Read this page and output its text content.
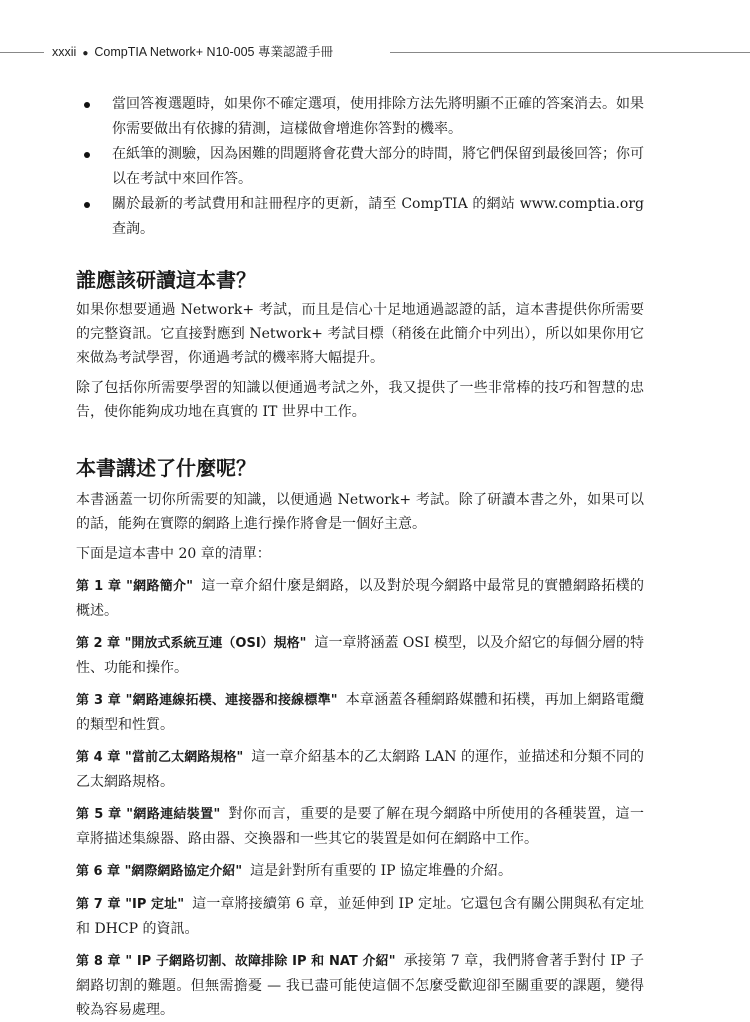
xxxii ● CompTIA Network+ N10-005 專業認證手冊
當回答複選題時，如果你不確定選項，使用排除方法先將明顯不正確的答案消去。如果你需要做出有依據的猜測，這樣做會增進你答對的機率。
在紙筆的測驗，因為困難的問題將會花費大部分的時間，將它們保留到最後回答；你可以在考試中來回作答。
關於最新的考試費用和註冊程序的更新，請至 CompTIA 的網站 www.comptia.org 查詢。
誰應該研讀這本書？

如果你想要通過 Network+ 考試，而且是信心十足地通過認證的話，這本書提供你所需要的完整資訊。它直接對應到 Network+ 考試目標（稍後在此簡介中列出），所以如果你用它來做為考試學習，你通過考試的機率將大幅提升。

除了包括你所需要學習的知識以便通過考試之外，我又提供了一些非常棒的技巧和智慧的忠告，使你能夠成功地在真實的 IT 世界中工作。

本書講述了什麼呢？

本書涵蓋一切你所需要的知識，以便通過 Network+ 考試。除了研讀本書之外，如果可以的話，能夠在實際的網路上進行操作將會是一個好主意。

下面是這本書中 20 章的清單：

第 1 章 "網路簡介" 這一章介紹什麼是網路，以及對於現今網路中最常見的實體網路拓樸的概述。
第 2 章 "開放式系統互連（OSI）規格" 這一章將涵蓋 OSI 模型，以及介紹它的每個分層的特性、功能和操作。
第 3 章 "網路連線拓樸、連接器和接線標準" 本章涵蓋各種網路媒體和拓樸，再加上網路電纜的類型和性質。
第 4 章 "當前乙太網路規格" 這一章介紹基本的乙太網路 LAN 的運作，並描述和分類不同的乙太網路規格。
第 5 章 "網路連結裝置" 對你而言，重要的是要了解在現今網路中所使用的各種裝置，這一章將描述集線器、路由器、交換器和一些其它的裝置是如何在網路中工作。
第 6 章 "網際網路協定介紹" 這是針對所有重要的 IP 協定堆疊的介紹。
第 7 章 "IP 定址" 這一章將接續第 6 章，並延伸到 IP 定址。它還包含有關公開與私有定址和 DHCP 的資訊。
第 8 章 " IP 子網路切割、故障排除 IP 和 NAT 介紹" 承接第 7 章，我們將會著手對付 IP 子網路切割的難題。但無需擔憂 — 我已盡可能使這個不怎麼受歡迎卻至關重要的課題，變得較為容易處理。
